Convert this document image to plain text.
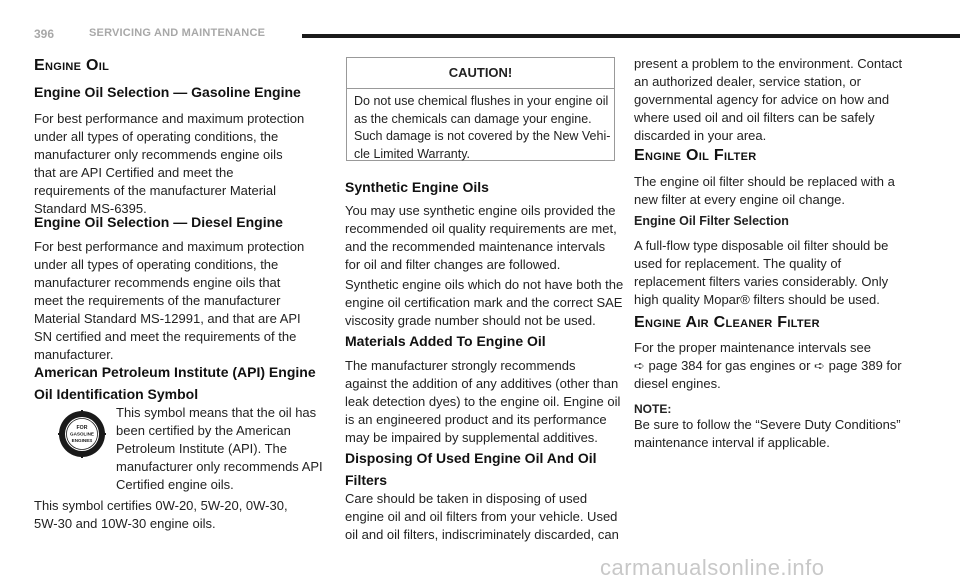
396	SERVICING AND MAINTENANCE
Engine Oil
Engine Oil Selection — Gasoline Engine
For best performance and maximum protection
under all types of operating conditions, the
manufacturer only recommends engine oils
that are API Certified and meet the
requirements of the manufacturer Material
Standard MS-6395.
Engine Oil Selection — Diesel Engine
For best performance and maximum protection
under all types of operating conditions, the
manufacturer recommends engine oils that
meet the requirements of the manufacturer
Material Standard MS-12991, and that are API
SN certified and meet the requirements of the
manufacturer.
American Petroleum Institute (API) Engine
Oil Identification Symbol
FOR
GASOLINE
ENGINES
This symbol means that the oil has
been certified by the American
Petroleum Institute (API). The
manufacturer only recommends API
Certified engine oils.
This symbol certifies 0W-20, 5W-20, 0W-30,
5W-30 and 10W-30 engine oils.
CAUTION!
Do not use chemical flushes in your engine oil
as the chemicals can damage your engine.
Such damage is not covered by the New Vehi-
cle Limited Warranty.
Synthetic Engine Oils
You may use synthetic engine oils provided the
recommended oil quality requirements are met,
and the recommended maintenance intervals
for oil and filter changes are followed.
Synthetic engine oils which do not have both the
engine oil certification mark and the correct SAE
viscosity grade number should not be used.
Materials Added To Engine Oil
The manufacturer strongly recommends
against the addition of any additives (other than
leak detection dyes) to the engine oil. Engine oil
is an engineered product and its performance
may be impaired by supplemental additives.
Disposing Of Used Engine Oil And Oil
Filters
Care should be taken in disposing of used
engine oil and oil filters from your vehicle. Used
oil and oil filters, indiscriminately discarded, can
present a problem to the environment. Contact
an authorized dealer, service station, or
governmental agency for advice on how and
where used oil and oil filters can be safely
discarded in your area.
Engine Oil Filter
The engine oil filter should be replaced with a
new filter at every engine oil change.
Engine Oil Filter Selection
A full-flow type disposable oil filter should be
used for replacement. The quality of
replacement filters varies considerably. Only
high quality Mopar® filters should be used.
Engine Air Cleaner Filter
For the proper maintenance intervals see
➪ page 384 for gas engines or ➪ page 389 for
diesel engines.
NOTE:
Be sure to follow the “Severe Duty Conditions”
maintenance interval if applicable.
carmanualsonline.info
